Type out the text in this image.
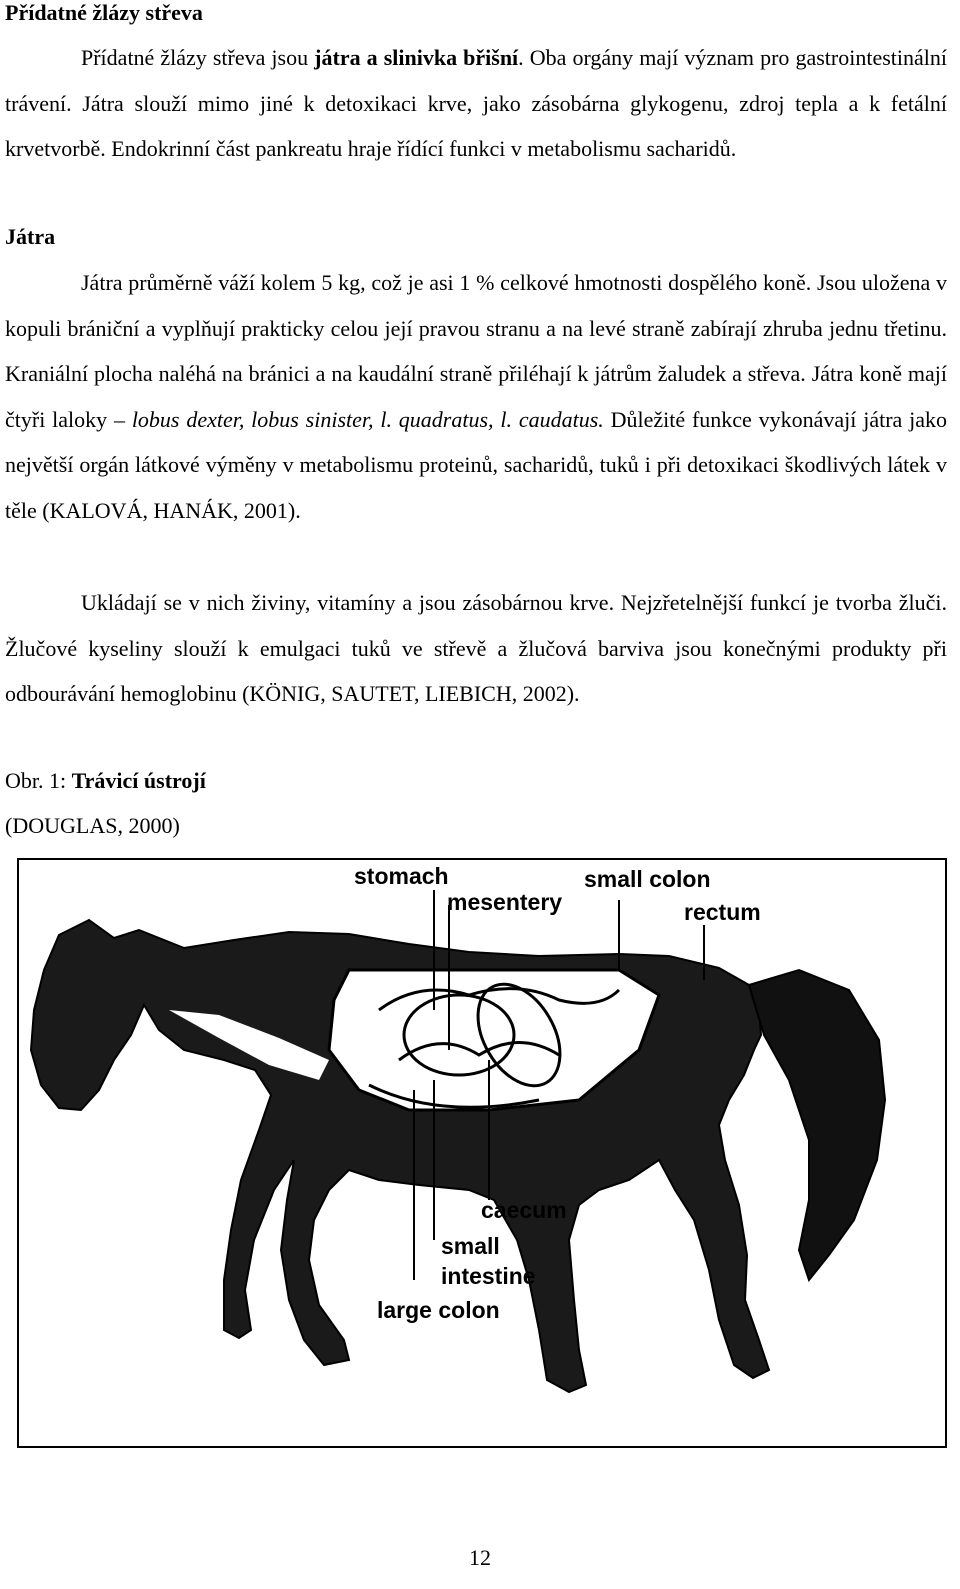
Přídatné žlázy střeva

Přídatné žlázy střeva jsou játra a slinivka břišní. Oba orgány mají význam pro gastrointestinální trávení. Játra slouží mimo jiné k detoxikaci krve, jako zásobárna glykogenu, zdroj tepla a k fetální krvetvorbě. Endokrinní část pankreatu hraje řídící funkci v metabolismu sacharidů.

Játra

Játra průměrně váží kolem 5 kg, což je asi 1 % celkové hmotnosti dospělého koně. Jsou uložena v kopuli brániční a vyplňují prakticky celou její pravou stranu a na levé straně zabírají zhruba jednu třetinu. Kraniální plocha naléhá na bránici a na kaudální straně přiléhají k játrům žaludek a střeva. Játra koně mají čtyři laloky – lobus dexter, lobus sinister, l. quadratus, l. caudatus. Důležité funkce vykonávají játra jako největší orgán látkové výměny v metabolismu proteinů, sacharidů, tuků i při detoxikaci škodlivých látek v těle (KALOVÁ, HANÁK, 2001).

Ukládají se v nich živiny, vitamíny a jsou zásobárnou krve. Nejzřetelnější funkcí je tvorba žluči. Žlučové kyseliny slouží k emulgaci tuků ve střevě a žlučová barviva jsou konečnými produkty při odbourávání hemoglobinu (KÖNIG, SAUTET, LIEBICH, 2002).

Obr. 1: Trávicí ústrojí
(DOUGLAS, 2000)
stomach
mesentery
small colon
rectum
caecum
small
intestine
large colon
12
